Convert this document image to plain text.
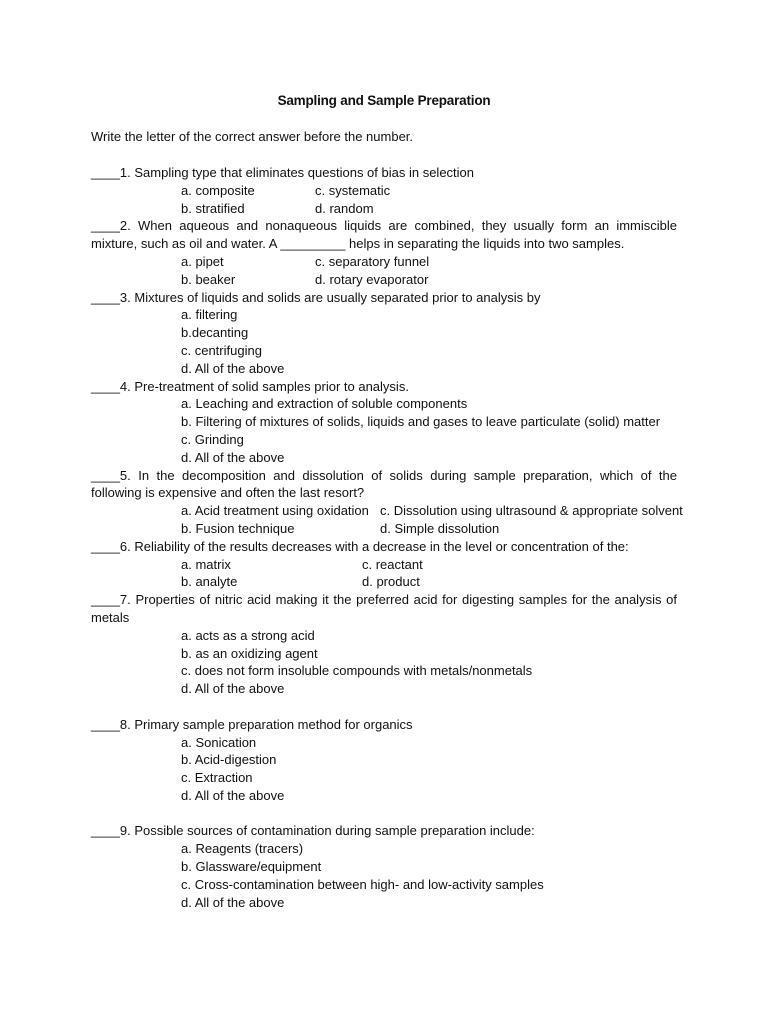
Sampling and Sample Preparation
Write the letter of the correct answer before the number.
____1. Sampling type that eliminates questions of bias in selection
a. composite	c. systematic
b. stratified	d. random
____2. When aqueous and nonaqueous liquids are combined, they usually form an immiscible mixture, such as oil and water. A _________ helps in separating the liquids into two samples.
a. pipet	c. separatory funnel
b. beaker	d. rotary evaporator
____3. Mixtures of liquids and solids are usually separated prior to analysis by
a. filtering
b.decanting
c. centrifuging
d. All of the above
____4. Pre-treatment of solid samples prior to analysis.
a. Leaching and extraction of soluble components
b. Filtering of mixtures of solids, liquids and gases to leave particulate (solid) matter
c. Grinding
d. All of the above
____5. In the decomposition and dissolution of solids during sample preparation, which of the following is expensive and often the last resort?
a. Acid treatment using oxidation c. Dissolution using ultrasound & appropriate solvent
b. Fusion technique	d. Simple dissolution
____6. Reliability of the results decreases with a decrease in the level or concentration of the:
a. matrix	c. reactant
b. analyte	d. product
____7. Properties of nitric acid making it the preferred acid for digesting samples for the analysis of metals
a. acts as a strong acid
b. as an oxidizing agent
c. does not form insoluble compounds with metals/nonmetals
d. All of the above
____8. Primary sample preparation method for organics
a. Sonication
b. Acid-digestion
c. Extraction
d. All of the above
____9. Possible sources of contamination during sample preparation include:
a. Reagents (tracers)
b. Glassware/equipment
c. Cross-contamination between high- and low-activity samples
d. All of the above
